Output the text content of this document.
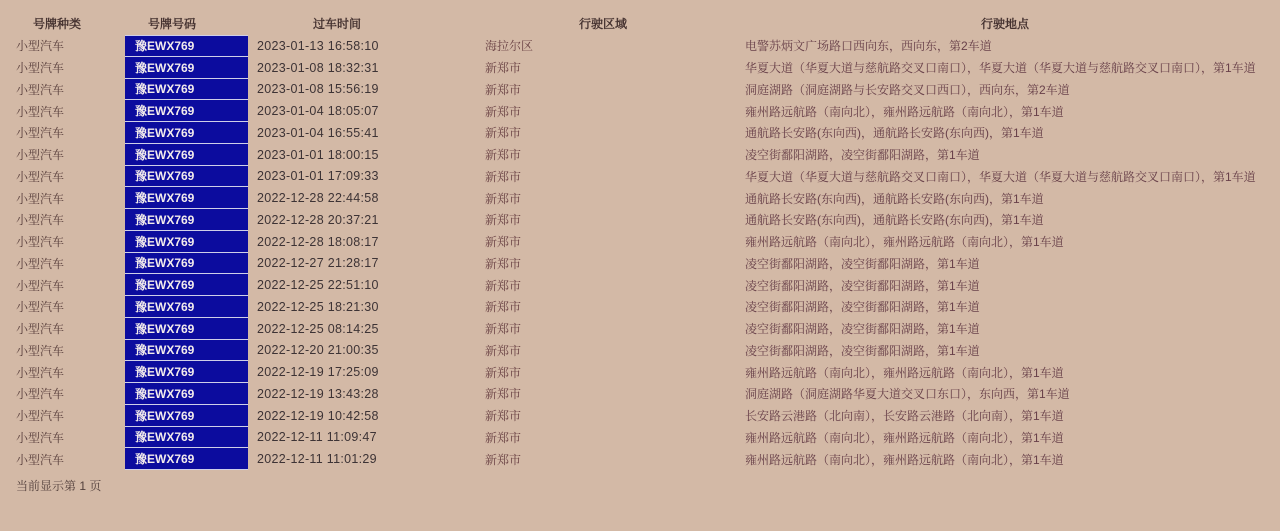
号牌种类	号牌号码	过车时间	行驶区域	行驶地点
小型汽车	豫EWX769	2023-01-13 16:58:10	海拉尔区	电警苏炳文广场路口西向东，西向东，第2车道
小型汽车	豫EWX769	2023-01-08 18:32:31	新郑市	华夏大道（华夏大道与慈航路交叉口南口），华夏大道（华夏大道与慈航路交叉口南口），第1车道
小型汽车	豫EWX769	2023-01-08 15:56:19	新郑市	洞庭湖路（洞庭湖路与长安路交叉口西口），西向东，第2车道
小型汽车	豫EWX769	2023-01-04 18:05:07	新郑市	雍州路远航路（南向北），雍州路远航路（南向北），第1车道
小型汽车	豫EWX769	2023-01-04 16:55:41	新郑市	通航路长安路(东向西)，通航路长安路(东向西)，第1车道
小型汽车	豫EWX769	2023-01-01 18:00:15	新郑市	凌空街鄱阳湖路，凌空街鄱阳湖路，第1车道
小型汽车	豫EWX769	2023-01-01 17:09:33	新郑市	华夏大道（华夏大道与慈航路交叉口南口），华夏大道（华夏大道与慈航路交叉口南口），第1车道
小型汽车	豫EWX769	2022-12-28 22:44:58	新郑市	通航路长安路(东向西)，通航路长安路(东向西)，第1车道
小型汽车	豫EWX769	2022-12-28 20:37:21	新郑市	通航路长安路(东向西)，通航路长安路(东向西)，第1车道
小型汽车	豫EWX769	2022-12-28 18:08:17	新郑市	雍州路远航路（南向北），雍州路远航路（南向北），第1车道
小型汽车	豫EWX769	2022-12-27 21:28:17	新郑市	凌空街鄱阳湖路，凌空街鄱阳湖路，第1车道
小型汽车	豫EWX769	2022-12-25 22:51:10	新郑市	凌空街鄱阳湖路，凌空街鄱阳湖路，第1车道
小型汽车	豫EWX769	2022-12-25 18:21:30	新郑市	凌空街鄱阳湖路，凌空街鄱阳湖路，第1车道
小型汽车	豫EWX769	2022-12-25 08:14:25	新郑市	凌空街鄱阳湖路，凌空街鄱阳湖路，第1车道
小型汽车	豫EWX769	2022-12-20 21:00:35	新郑市	凌空街鄱阳湖路，凌空街鄱阳湖路，第1车道
小型汽车	豫EWX769	2022-12-19 17:25:09	新郑市	雍州路远航路（南向北），雍州路远航路（南向北），第1车道
小型汽车	豫EWX769	2022-12-19 13:43:28	新郑市	洞庭湖路（洞庭湖路华夏大道交叉口东口），东向西，第1车道
小型汽车	豫EWX769	2022-12-19 10:42:58	新郑市	长安路云港路（北向南），长安路云港路（北向南），第1车道
小型汽车	豫EWX769	2022-12-11 11:09:47	新郑市	雍州路远航路（南向北），雍州路远航路（南向北），第1车道
小型汽车	豫EWX769	2022-12-11 11:01:29	新郑市	雍州路远航路（南向北），雍州路远航路（南向北），第1车道
当前显示第 1 页
